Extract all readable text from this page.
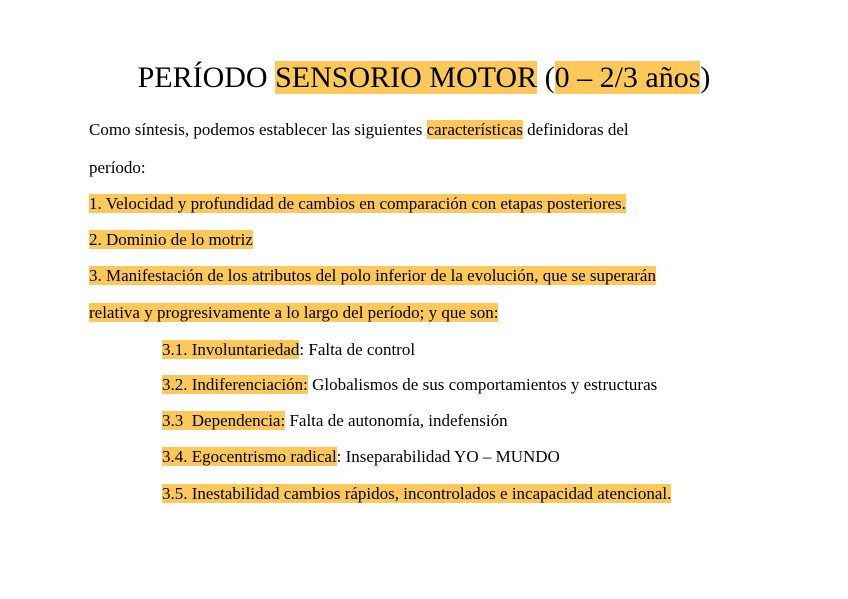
PERÍODO SENSORIO MOTOR (0 – 2/3 años)
Como síntesis, podemos establecer las siguientes características definidoras del
período:
1. Velocidad y profundidad de cambios en comparación con etapas posteriores.
2. Dominio de lo motriz
3. Manifestación de los atributos del polo inferior de la evolución, que se superarán
relativa y progresivamente a lo largo del período; y que son:
3.1. Involuntariedad: Falta de control
3.2. Indiferenciación: Globalismos de sus comportamientos y estructuras
3.3  Dependencia: Falta de autonomía, indefensión
3.4. Egocentrismo radical: Inseparabilidad YO – MUNDO
3.5. Inestabilidad cambios rápidos, incontrolados e incapacidad atencional.
